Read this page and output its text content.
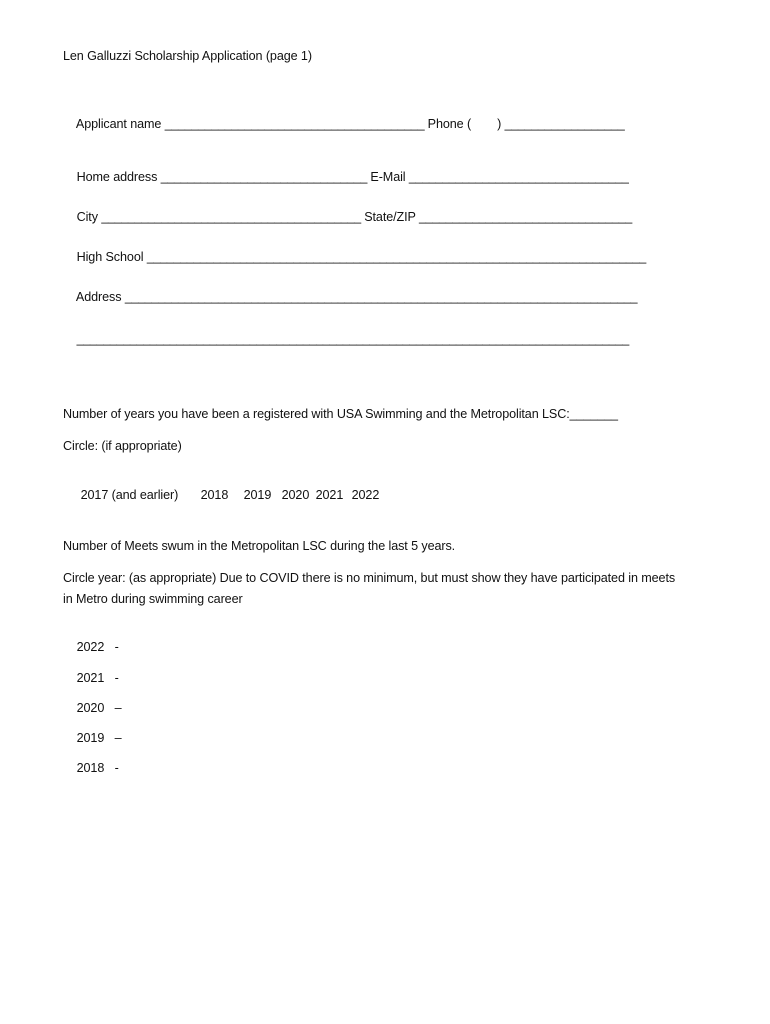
Len Galluzzi Scholarship Application (page 1)

Applicant name _______________________________________ Phone ( ) __________________

Home address _______________________________ E-Mail _________________________________

City _______________________________________ State/ZIP ________________________________

High School ___________________________________________________________________________

Address _____________________________________________________________________________

___________________________________________________________________________________

Number of years you have been a registered with USA Swimming and the Metropolitan LSC:_______
Circle: (if appropriate)

2017 (and earlier) 2018 2019 2020 2021 2022

Number of Meets swum in the Metropolitan LSC during the last 5 years.
Circle year: (as appropriate) Due to COVID there is no minimum, but must show they have participated in meets
in Metro during swimming career

2022 -

2021 -

2020 –

2019 –

2018 -
